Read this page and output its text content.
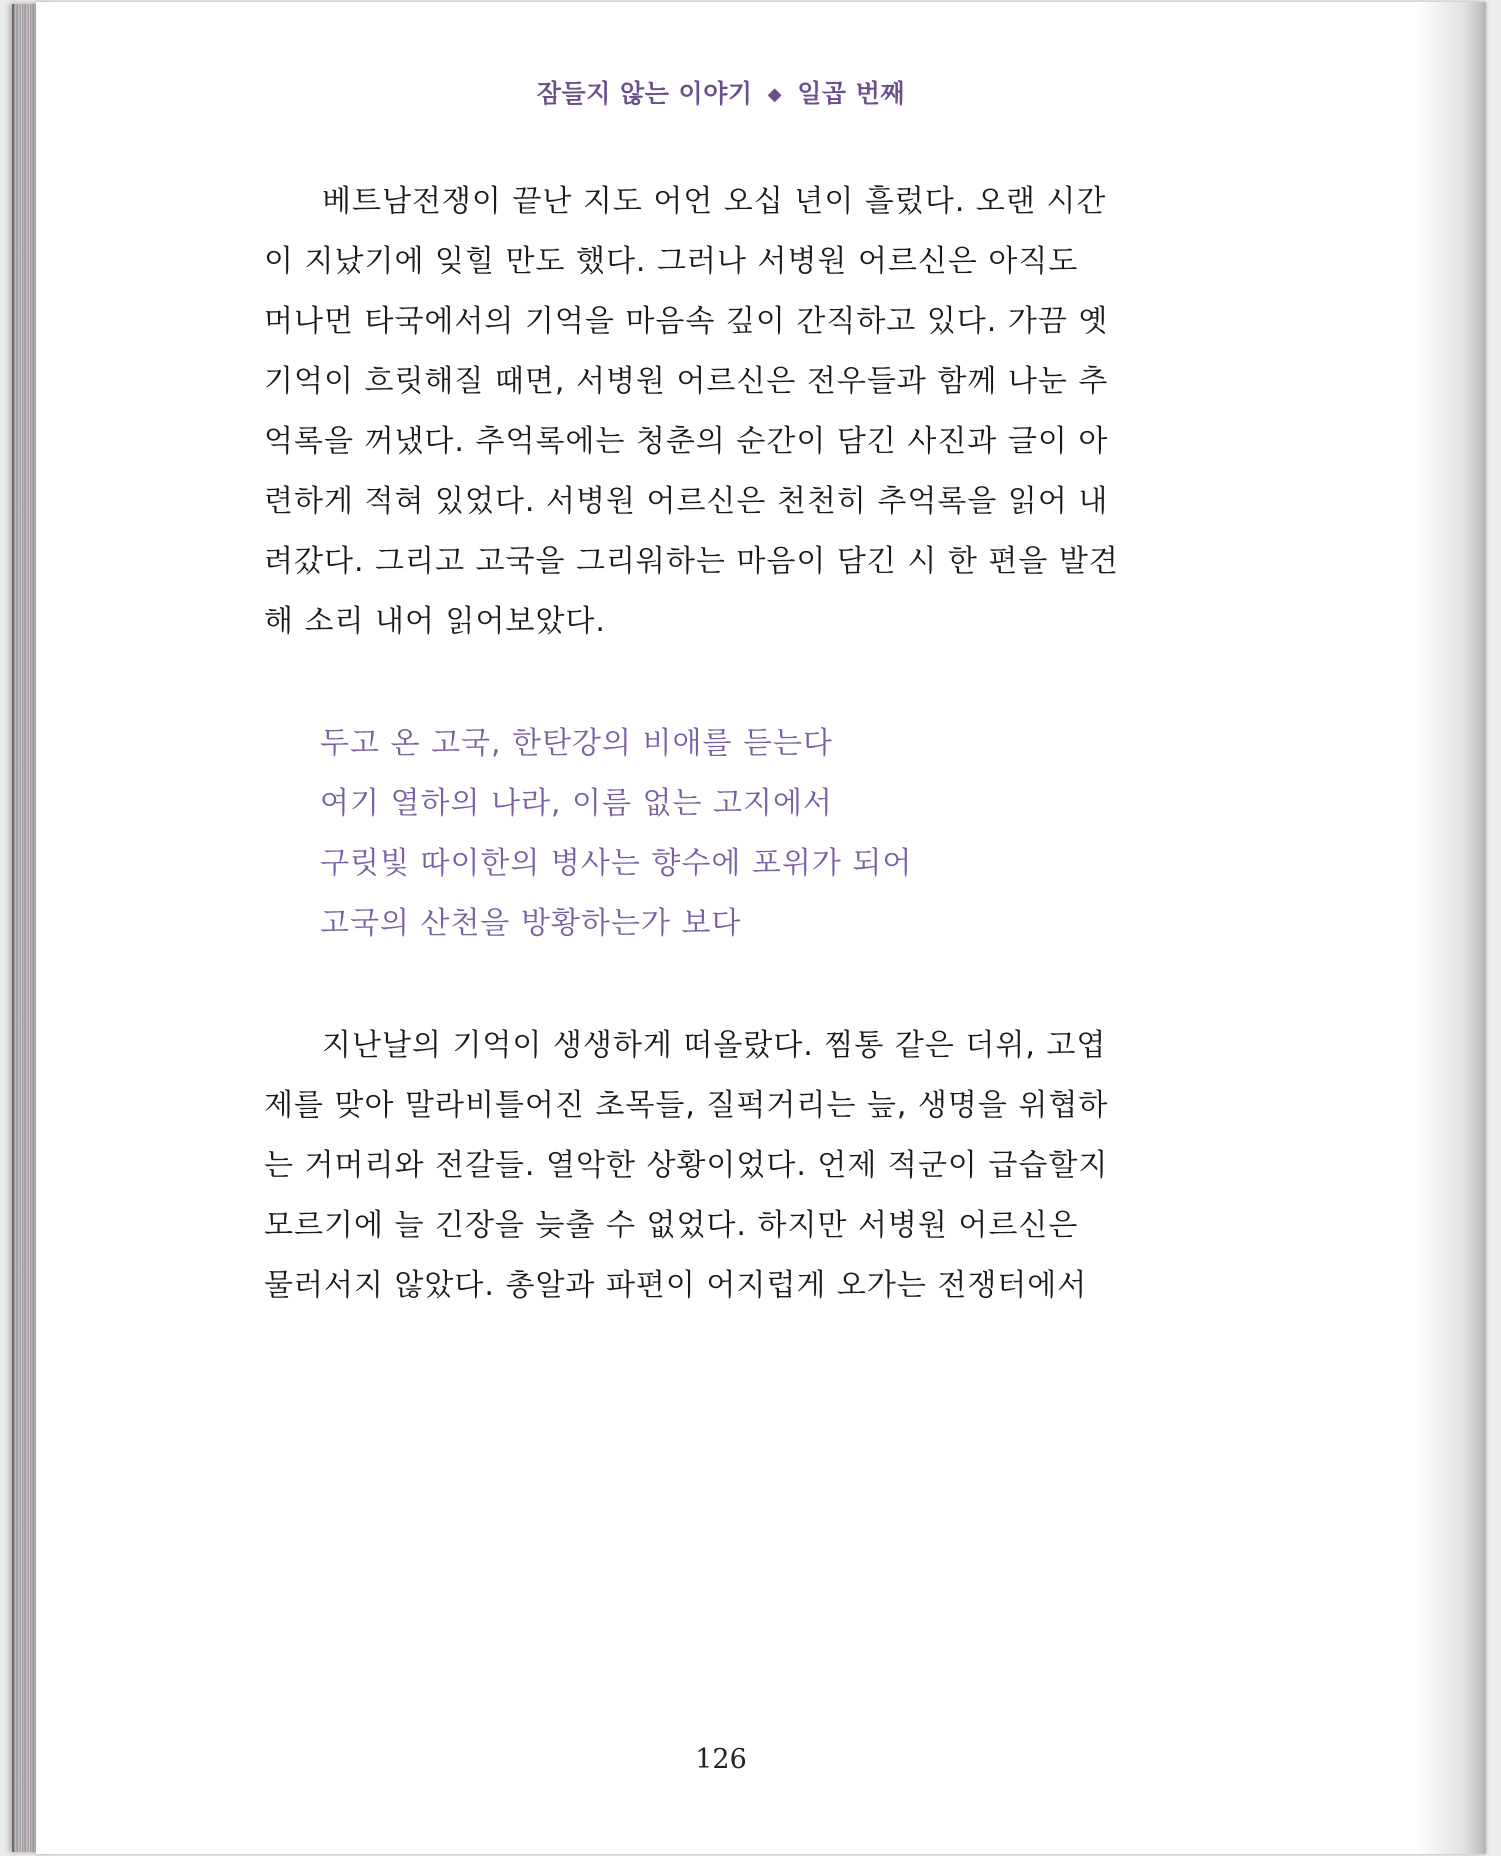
잠들지 않는 이야기 ◆ 일곱 번째
베트남전쟁이 끝난 지도 어언 오십 년이 흘렀다. 오랜 시간
이 지났기에 잊힐 만도 했다. 그러나 서병원 어르신은 아직도
머나먼 타국에서의 기억을 마음속 깊이 간직하고 있다. 가끔 옛
기억이 흐릿해질 때면, 서병원 어르신은 전우들과 함께 나눈 추
억록을 꺼냈다. 추억록에는 청춘의 순간이 담긴 사진과 글이 아
련하게 적혀 있었다. 서병원 어르신은 천천히 추억록을 읽어 내
려갔다. 그리고 고국을 그리워하는 마음이 담긴 시 한 편을 발견
해 소리 내어 읽어보았다.
두고 온 고국, 한탄강의 비애를 듣는다
여기 열하의 나라, 이름 없는 고지에서
구릿빛 따이한의 병사는 향수에 포위가 되어
고국의 산천을 방황하는가 보다
지난날의 기억이 생생하게 떠올랐다. 찜통 같은 더위, 고엽
제를 맞아 말라비틀어진 초목들, 질퍽거리는 늪, 생명을 위협하
는 거머리와 전갈들. 열악한 상황이었다. 언제 적군이 급습할지
모르기에 늘 긴장을 늦출 수 없었다. 하지만 서병원 어르신은
물러서지 않았다. 총알과 파편이 어지럽게 오가는 전쟁터에서
126
